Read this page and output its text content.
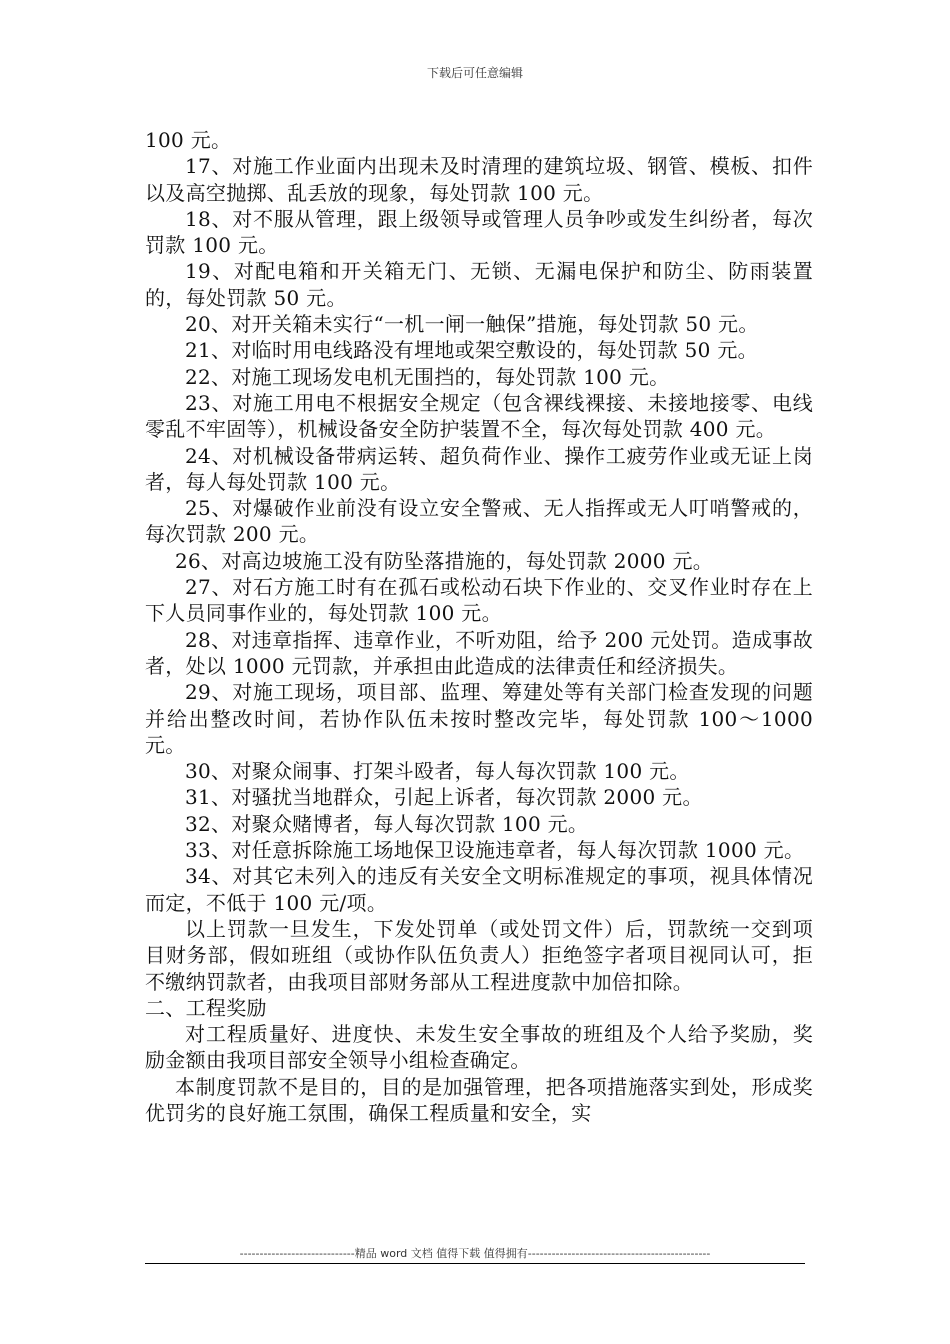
下载后可任意编辑

100 元。

17、对施工作业面内出现未及时清理的建筑垃圾、钢管、模板、扣件以及高空抛掷、乱丢放的现象，每处罚款 100 元。

18、对不服从管理，跟上级领导或管理人员争吵或发生纠纷者，每次罚款 100 元。

19、对配电箱和开关箱无门、无锁、无漏电保护和防尘、防雨装置的，每处罚款 50 元。

20、对开关箱未实行“一机一闸一触保”措施，每处罚款 50 元。

21、对临时用电线路没有埋地或架空敷设的，每处罚款 50 元。

22、对施工现场发电机无围挡的，每处罚款 100 元。

23、对施工用电不根据安全规定（包含裸线裸接、未接地接零、电线零乱不牢固等），机械设备安全防护装置不全，每次每处罚款 400 元。

24、对机械设备带病运转、超负荷作业、操作工疲劳作业或无证上岗者，每人每处罚款 100 元。

25、对爆破作业前没有设立安全警戒、无人指挥或无人叮哨警戒的，每次罚款 200 元。

26、对高边坡施工没有防坠落措施的，每处罚款 2000 元。

27、对石方施工时有在孤石或松动石块下作业的、交叉作业时存在上下人员同事作业的，每处罚款 100 元。

28、对违章指挥、违章作业，不听劝阻，给予 200 元处罚。造成事故者，处以 1000 元罚款，并承担由此造成的法律责任和经济损失。

29、对施工现场，项目部、监理、筹建处等有关部门检查发现的问题并给出整改时间，若协作队伍未按时整改完毕，每处罚款 100～1000 元。

30、对聚众闹事、打架斗殴者，每人每次罚款 100 元。

31、对骚扰当地群众，引起上诉者，每次罚款 2000 元。

32、对聚众赌博者，每人每次罚款 100 元。

33、对任意拆除施工场地保卫设施违章者，每人每次罚款 1000 元。

34、对其它未列入的违反有关安全文明标准规定的事项，视具体情况而定，不低于 100 元/项。

以上罚款一旦发生，下发处罚单（或处罚文件）后，罚款统一交到项目财务部，假如班组（或协作队伍负责人）拒绝签字者项目视同认可，拒不缴纳罚款者，由我项目部财务部从工程进度款中加倍扣除。

二、工程奖励

对工程质量好、进度快、未发生安全事故的班组及个人给予奖励，奖励金额由我项目部安全领导小组检查确定。

本制度罚款不是目的，目的是加强管理，把各项措施落实到处，形成奖优罚劣的良好施工氛围，确保工程质量和安全，实

-----------------------------精品 word 文档 值得下载 值得拥有----------------------------------------------
